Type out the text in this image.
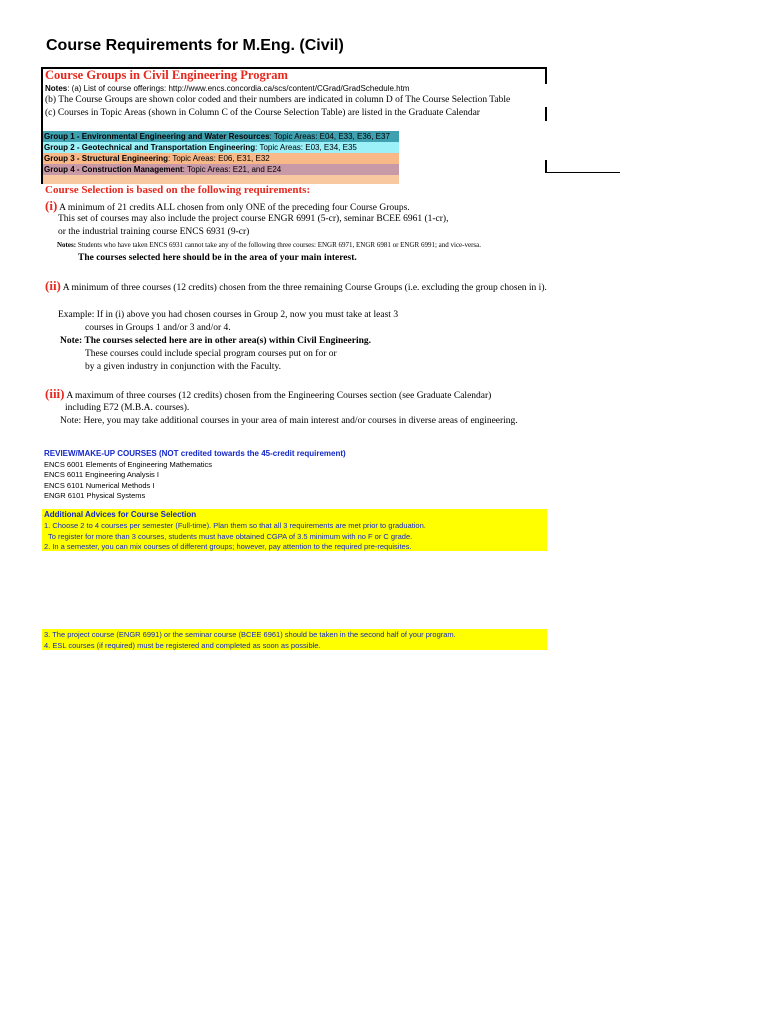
Course Requirements for M.Eng. (Civil)
Course Groups in Civil Engineering Program
Notes: (a) List of course offerings: http://www.encs.concordia.ca/scs/content/CGrad/GradSchedule.htm
(b) The Course Groups are shown color coded and their numbers are indicated in column D of The Course Selection Table
(c) Courses in Topic Areas (shown in Column C of the Course Selection Table) are listed in the Graduate Calendar
Group 1 - Environmental Engineering and Water Resources: Topic Areas: E04, E33, E36, E37
Group 2 - Geotechnical and Transportation Engineering: Topic Areas: E03, E34, E35
Group 3 - Structural Engineering: Topic Areas: E06, E31, E32
Group 4 - Construction Management: Topic Areas: E21, and E24
Course Selection is based on the following requirements:
(i) A minimum of 21 credits ALL chosen from only ONE of the preceding four Course Groups.
This set of courses may also include the project course ENGR 6991 (5-cr), seminar BCEE 6961 (1-cr),
or the industrial training course ENCS 6931 (9-cr)
Notes: Students who have taken ENCS 6931 cannot take any of the following three courses: ENGR 6971, ENGR 6981 or ENGR 6991; and vice-versa.
The courses selected here should be in the area of your main interest.
(ii) A minimum of three courses (12 credits) chosen from the three remaining Course Groups (i.e. excluding the group chosen in i).
Example: If in (i) above you had chosen courses in Group 2, now you must take at least 3
courses in Groups 1 and/or 3 and/or 4.
Note: The courses selected here are in other area(s) within Civil Engineering.
These courses could include special program courses put on for or
by a given industry in conjunction with the Faculty.
(iii) A maximum of three courses (12 credits) chosen from the Engineering Courses section (see Graduate Calendar)
including E72 (M.B.A. courses).
Note: Here, you may take additional courses in your area of main interest and/or courses in diverse areas of engineering.
REVIEW/MAKE-UP COURSES (NOT credited towards the 45-credit requirement)
ENCS 6001 Elements of Engineering Mathematics
ENCS 6011 Engineering Analysis I
ENCS 6101 Numerical Methods I
ENGR 6101 Physical Systems
Additional Advices for Course Selection
1. Choose 2 to 4 courses per semester (Full-time). Plan them so that all 3 requirements are met prior to graduation.
To register for more than 3 courses, students must have obtained CGPA of 3.5 minimum with no F or C grade.
2. In a semester, you can mix courses of different groups; however, pay attention to the required pre-requisites.
3. The project course (ENGR 6991) or the seminar course (BCEE 6961) should be taken in the second half of your program.
4. ESL courses (if required) must be registered and completed as soon as possible.
